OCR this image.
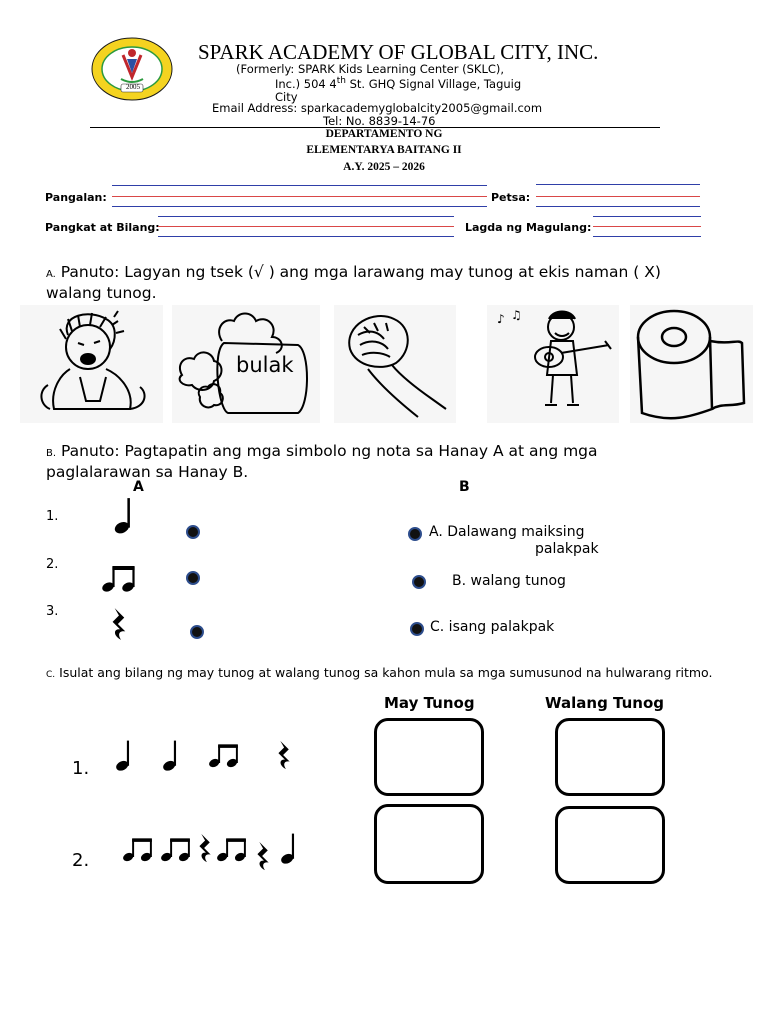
2005
SPARK ACADEMY OF GLOBAL CITY, INC.
(Formerly: SPARK Kids Learning Center (SKLC),
Inc.) 504 4th St. GHQ Signal Village, Taguig
City
Email Address: sparkacademyglobalcity2005@gmail.com
Tel: No. 8839-14-76
DEPARTAMENTO NG
ELEMENTARYA BAITANG II
A.Y. 2025 – 2026
Pangalan:	Petsa:
Pangkat at Bilang:	Lagda ng Magulang:
A. Panuto: Lagyan ng tsek (√ ) ang mga larawang may tunog at ekis naman ( X) walang tunog.
bulak
♪ ♫
B. Panuto: Pagtapatin ang mga simbolo ng nota sa Hanay A at ang mga paglalarawan sa Hanay B.
A	B
1.
2.
3.
A. Dalawang maiksing
palakpak
B. walang tunog
C. isang palakpak
C. Isulat ang bilang ng may tunog at walang tunog sa kahon mula sa mga sumusunod na hulwarang ritmo.
May Tunog	Walang Tunog
1.
2.
